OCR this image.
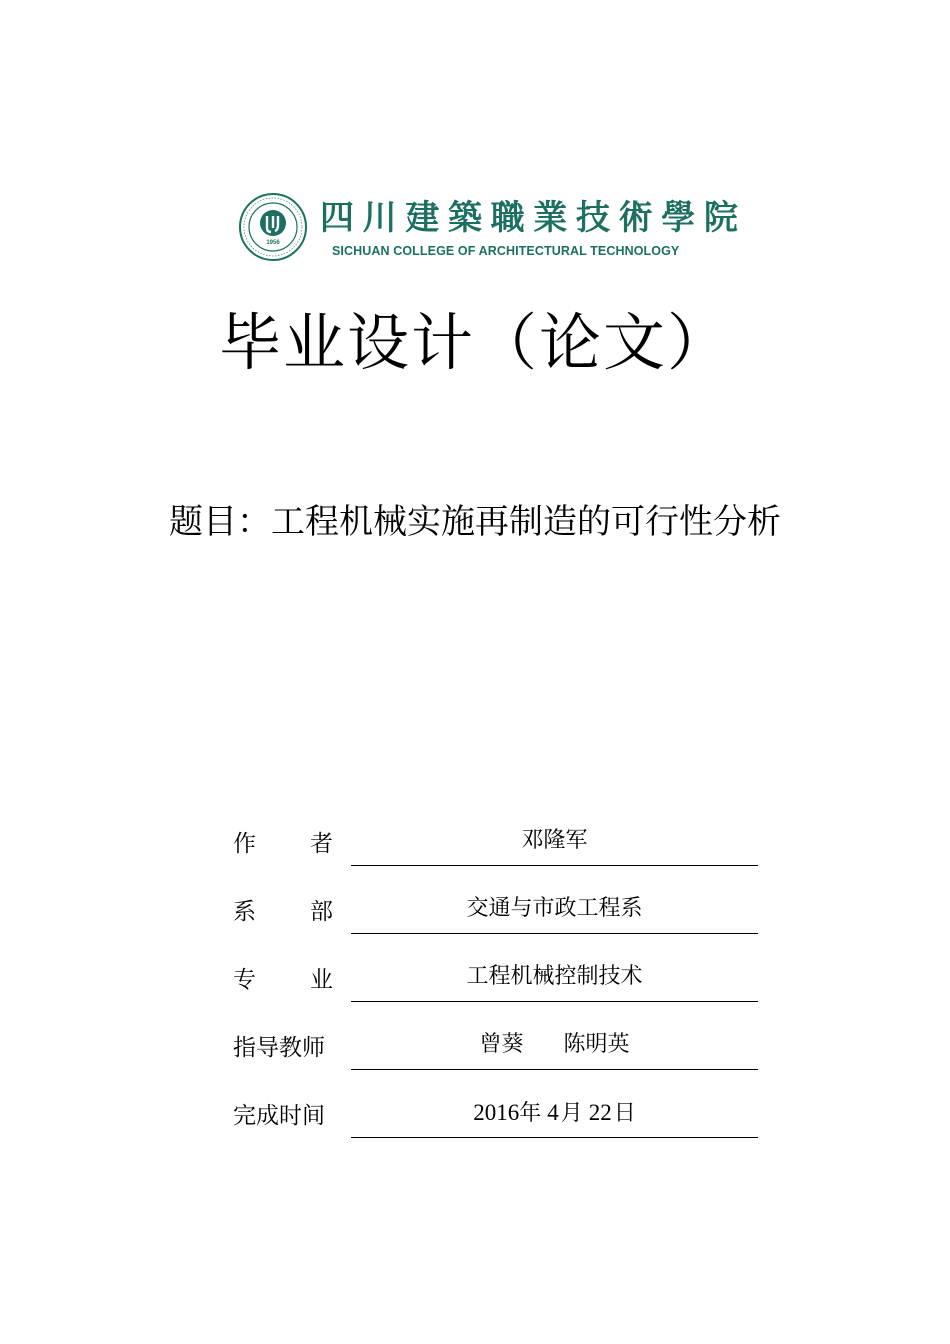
1956
四 川 建 築 職 業 技 術 學 院
SICHUAN COLLEGE OF ARCHITECTURAL TECHNOLOGY
毕业设计（论文）
题目：工程机械实施再制造的可行性分析
作 者	邓隆军
系 部	交通与市政工程系
专 业	工程机械控制技术
指导教师	曾葵 陈明英
完成时间	2016年 4月 22日
